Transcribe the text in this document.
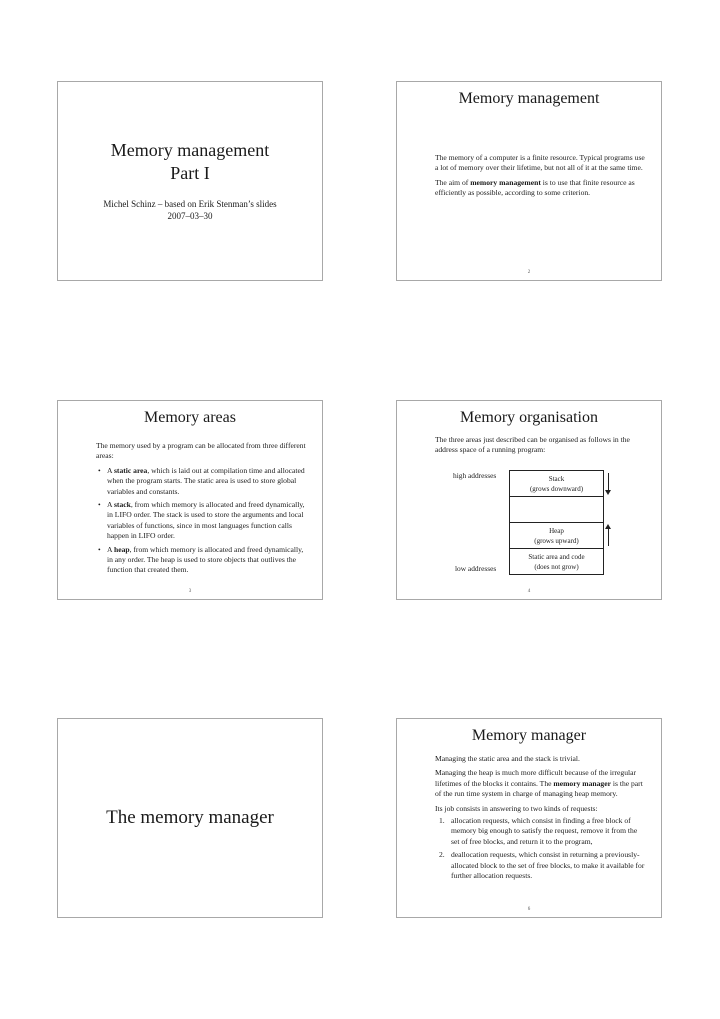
Memory management
Part I
Michel Schinz – based on Erik Stenman’s slides
2007–03–30
Memory management

The memory of a computer is a finite resource. Typical programs use a lot of memory over their lifetime, but not all of it at the same time.

The aim of memory management is to use that finite resource as efficiently as possible, according to some criterion.

2
Memory areas

The memory used by a program can be allocated from three different areas:

• A static area, which is laid out at compilation time and allocated when the program starts. The static area is used to store global variables and constants.
• A stack, from which memory is allocated and freed dynamically, in LIFO order. The stack is used to store the arguments and local variables of functions, since in most languages function calls happen in LIFO order.
• A heap, from which memory is allocated and freed dynamically, in any order. The heap is used to store objects that outlives the function that created them.
3
Memory organisation

The three areas just described can be organised as follows in the address space of a running program:

high addresses
low addresses
Stack
(grows downward)
Heap
(grows upward)
Static area and code
(does not grow)
4
The memory manager
Memory manager

Managing the static area and the stack is trivial.

Managing the heap is much more difficult because of the irregular lifetimes of the blocks it contains. The memory manager is the part of the run time system in charge of managing heap memory.

Its job consists in answering to two kinds of requests:

1. allocation requests, which consist in finding a free block of memory big enough to satisfy the request, remove it from the set of free blocks, and return it to the program,
2. deallocation requests, which consist in returning a previously-allocated block to the set of free blocks, to make it available for further allocation requests.
6
